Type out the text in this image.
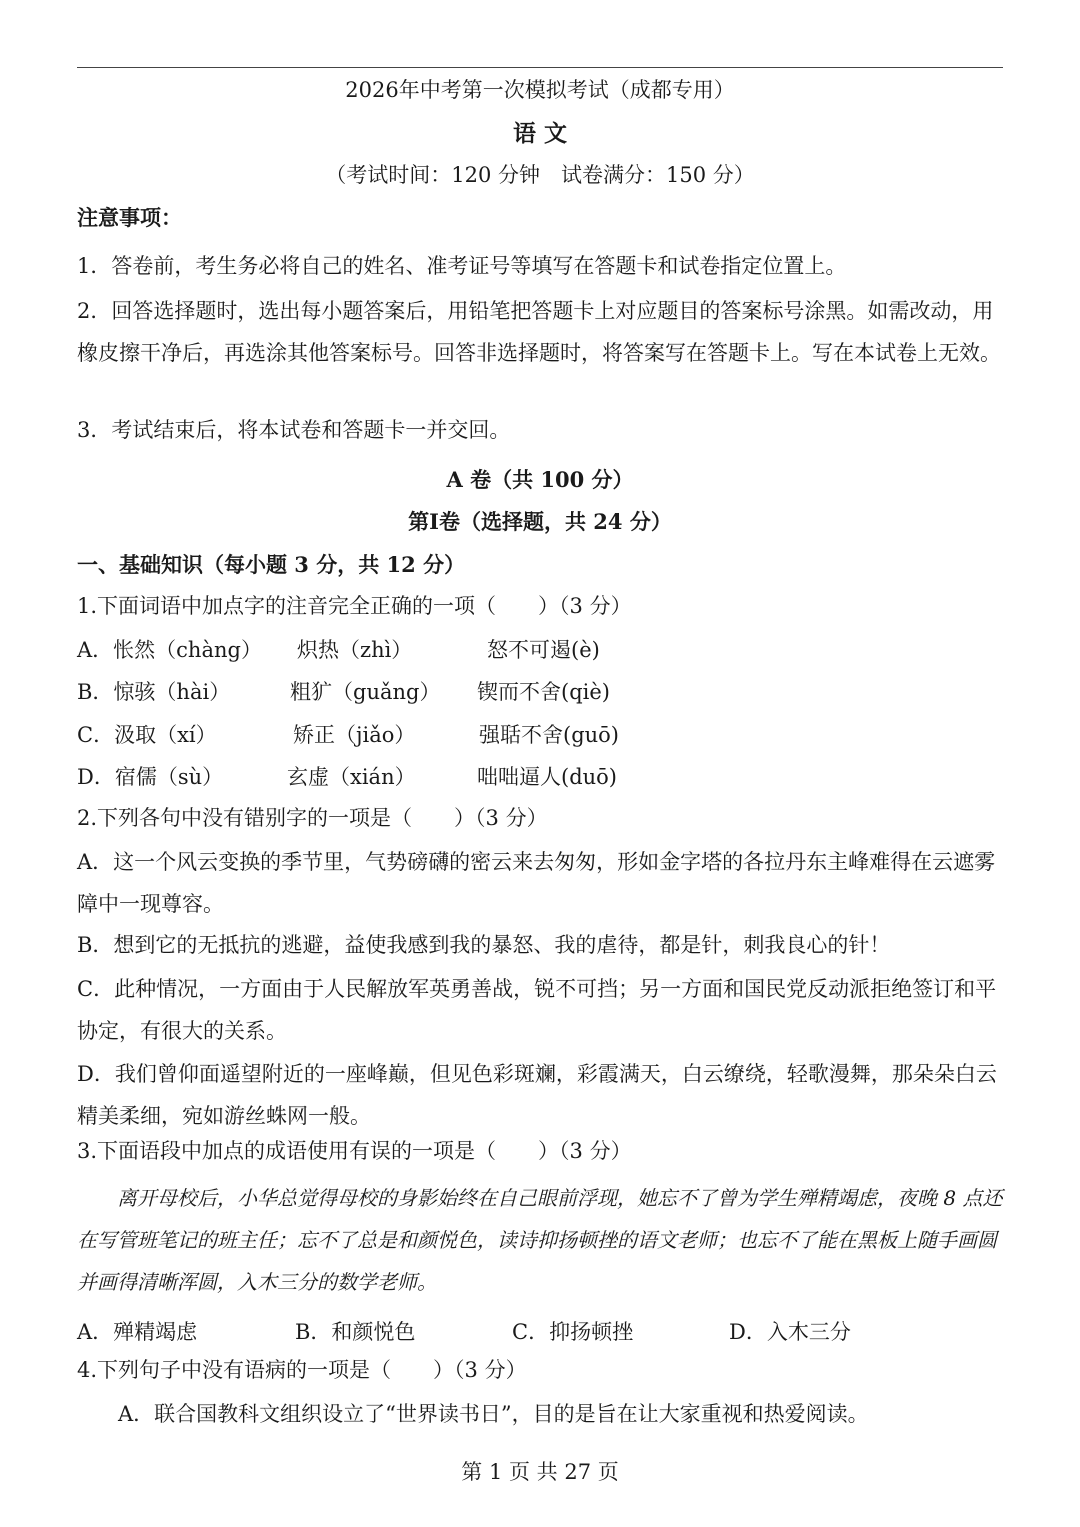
2026年中考第一次模拟考试（成都专用）
语 文
（考试时间：120 分钟　试卷满分：150 分）
注意事项：
1．答卷前，考生务必将自己的姓名、准考证号等填写在答题卡和试卷指定位置上。
2．回答选择题时，选出每小题答案后，用铅笔把答题卡上对应题目的答案标号涂黑。如需改动，用橡皮擦干净后，再选涂其他答案标号。回答非选择题时，将答案写在答题卡上。写在本试卷上无效。
3．考试结束后，将本试卷和答题卡一并交回。
A 卷（共 100 分）
第Ⅰ卷（选择题，共 24 分）
一、基础知识（每小题 3 分，共 12 分）
1.下面词语中加点字的注音完全正确的一项（　　）（3 分）
A．怅然（chàng） 炽热（zhì）	怒不可遏(è)
B．惊骇（hài）	粗犷（guǎng） 锲而不舍(qiè)
C．汲取（xí）	矫正（jiǎo）	强聒不舍(guō)
D．宿儒（sù）	玄虚（xián）	咄咄逼人(duō)
2.下列各句中没有错别字的一项是（　　）（3 分）
A．这一个风云变换的季节里，气势磅礴的密云来去匆匆，形如金字塔的各拉丹东主峰难得在云遮雾障中一现尊容。
B．想到它的无抵抗的逃避，益使我感到我的暴怒、我的虐待，都是针，刺我良心的针！
C．此种情况，一方面由于人民解放军英勇善战，锐不可挡；另一方面和国民党反动派拒绝签订和平协定，有很大的关系。
D．我们曾仰面遥望附近的一座峰巅，但见色彩斑斓，彩霞满天，白云缭绕，轻歌漫舞，那朵朵白云精美柔细，宛如游丝蛛网一般。
3.下面语段中加点的成语使用有误的一项是（　　）（3 分）
离开母校后，小华总觉得母校的身影始终在自己眼前浮现，她忘不了曾为学生殚精竭虑，夜晚 8 点还在写管班笔记的班主任；忘不了总是和颜悦色，读诗抑扬顿挫的语文老师；也忘不了能在黑板上随手画圆并画得清晰浑圆，入木三分的数学老师。
A．殚精竭虑	B．和颜悦色	C．抑扬顿挫	D．入木三分
4.下列句子中没有语病的一项是（　　）（3 分）
A．联合国教科文组织设立了“世界读书日”，目的是旨在让大家重视和热爱阅读。
第 1 页 共 27 页
